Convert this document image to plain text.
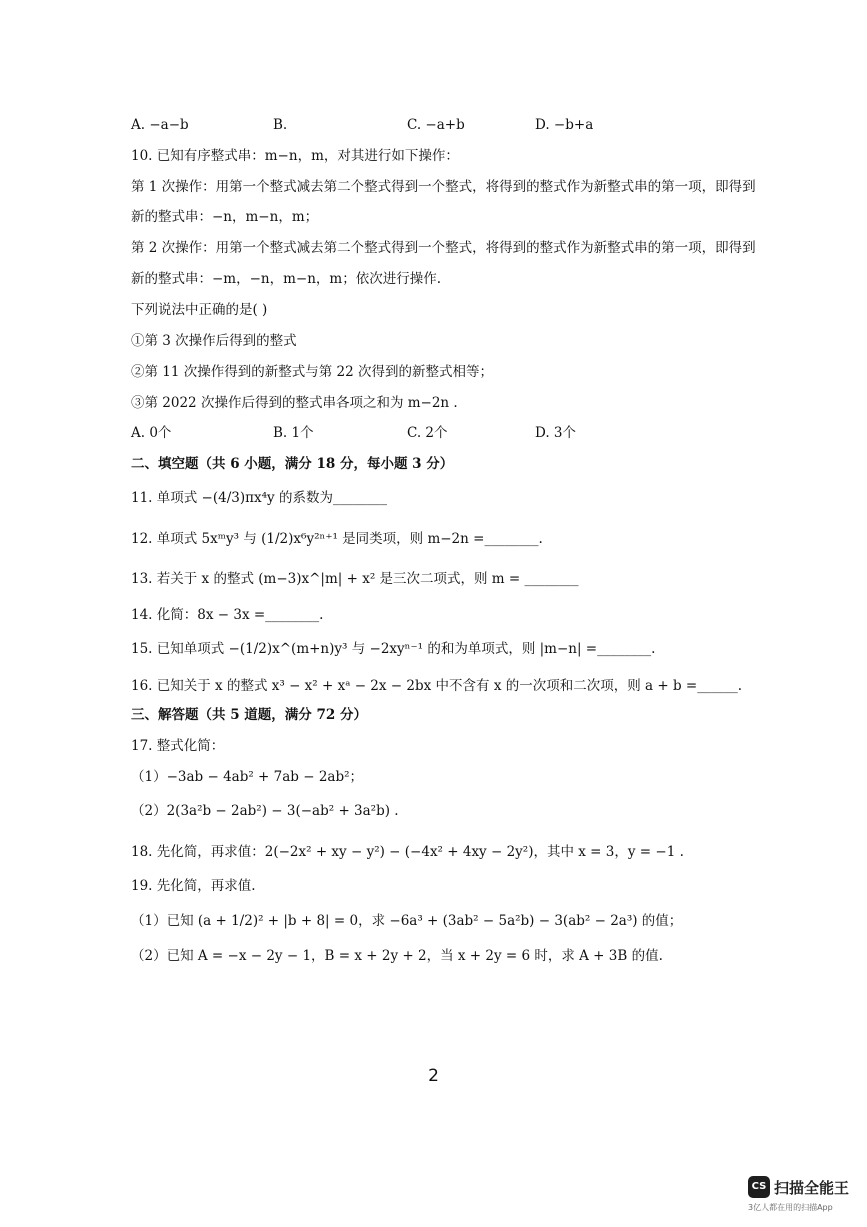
A. −a−b	B.	C. −a+b	D. −b+a
10. 已知有序整式串：m−n，m，对其进行如下操作：
第 1 次操作：用第一个整式减去第二个整式得到一个整式，将得到的整式作为新整式串的第一项，即得到
新的整式串：−n，m−n，m；
第 2 次操作：用第一个整式减去第二个整式得到一个整式，将得到的整式作为新整式串的第一项，即得到
新的整式串：−m，−n，m−n，m；依次进行操作.
下列说法中正确的是( )
①第 3 次操作后得到的整式
②第 11 次操作得到的新整式与第 22 次得到的新整式相等；
③第 2022 次操作后得到的整式串各项之和为 m−2n .
A. 0个	B. 1个	C. 2个	D. 3个
二、填空题（共 6 小题，满分 18 分，每小题 3 分）
11. 单项式 −(4/3)πx⁴y 的系数为________
12. 单项式 5xᵐy³ 与 (1/2)x⁶y²ⁿ⁺¹ 是同类项，则 m−2n =________.
13. 若关于 x 的整式 (m−3)x^|m| + x² 是三次二项式，则 m = ________
14. 化简：8x − 3x =________.
15. 已知单项式 −(1/2)x^(m+n)y³ 与 −2xyⁿ⁻¹ 的和为单项式，则 |m−n| =________.
16. 已知关于 x 的整式 x³ − x² + xᵃ − 2x − 2bx 中不含有 x 的一次项和二次项，则 a + b =______.
三、解答题（共 5 道题，满分 72 分）
17. 整式化简：
（1）−3ab − 4ab² + 7ab − 2ab²；
（2）2(3a²b − 2ab²) − 3(−ab² + 3a²b) .
18. 先化简，再求值：2(−2x² + xy − y²) − (−4x² + 4xy − 2y²)，其中 x = 3，y = −1 .
19. 先化简，再求值.
（1）已知 (a + 1/2)² + |b + 8| = 0，求 −6a³ + (3ab² − 5a²b) − 3(ab² − 2a³) 的值；
（2）已知 A = −x − 2y − 1，B = x + 2y + 2，当 x + 2y = 6 时，求 A + 3B 的值.
2
CS 扫描全能王
3亿人都在用的扫描App
